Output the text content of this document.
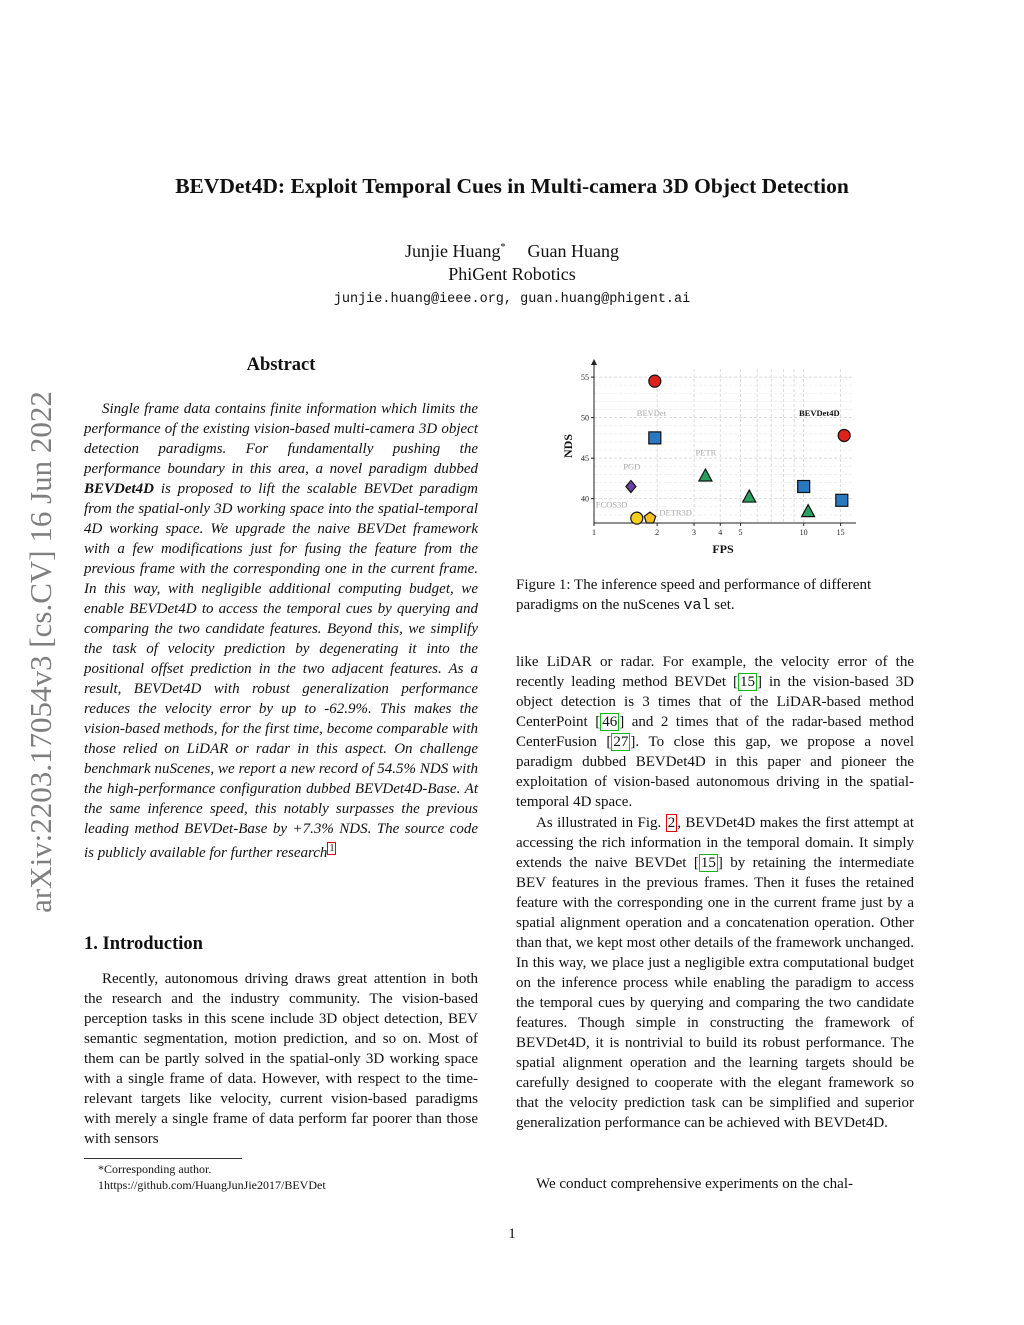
BEVDet4D: Exploit Temporal Cues in Multi-camera 3D Object Detection
Junjie Huang* Guan Huang
PhiGent Robotics
junjie.huang@ieee.org, guan.huang@phigent.ai
arXiv:2203.17054v3 [cs.CV] 16 Jun 2022
Abstract

Single frame data contains finite information which limits the performance of the existing vision-based multi-camera 3D object detection paradigms. For fundamentally pushing the performance boundary in this area, a novel paradigm dubbed BEVDet4D is proposed to lift the scalable BEVDet paradigm from the spatial-only 3D working space into the spatial-temporal 4D working space. We upgrade the naive BEVDet framework with a few modifications just for fusing the feature from the previous frame with the corresponding one in the current frame. In this way, with negligible additional computing budget, we enable BEVDet4D to access the temporal cues by querying and comparing the two candidate features. Beyond this, we simplify the task of velocity prediction by degenerating it into the positional offset prediction in the two adjacent features. As a result, BEVDet4D with robust generalization performance reduces the velocity error by up to -62.9%. This makes the vision-based methods, for the first time, become comparable with those relied on LiDAR or radar in this aspect. On challenge benchmark nuScenes, we report a new record of 54.5% NDS with the high-performance configuration dubbed BEVDet4D-Base. At the same inference speed, this notably surpasses the previous leading method BEVDet-Base by +7.3% NDS. The source code is publicly available for further research $^1$

1. Introduction

Recently, autonomous driving draws great attention in both the research and the industry community. The vision-based perception tasks in this scene include 3D object detection, BEV semantic segmentation, motion prediction, and so on. Most of them can be partly solved in the spatial-only 3D working space with a single frame of data. However, with respect to the time-relevant targets like velocity, current vision-based paradigms with merely a single frame of data perform far poorer than those with sensors

*Corresponding author.
1https://github.com/HuangJunJie2017/BEVDet
1	2	3	4 5	10	15
40
45
50
55
FPS
NDS
BEVDet	BEVDet4D
PETR
PGD
FCOS3D
DETR3D

Figure 1: The inference speed and performance of different paradigms on the nuScenes val set.

like LiDAR or radar. For example, the velocity error of the recently leading method BEVDet [ 15 ] in the vision-based 3D object detection is 3 times that of the LiDAR-based method CenterPoint [ 46 ] and 2 times that of the radar-based method CenterFusion [ 27 ]. To close this gap, we propose a novel paradigm dubbed BEVDet4D in this paper and pioneer the exploitation of vision-based autonomous driving in the spatial-temporal 4D space.

As illustrated in Fig. 2 , BEVDet4D makes the first attempt at accessing the rich information in the temporal domain. It simply extends the naive BEVDet [ 15 ] by retaining the intermediate BEV features in the previous frames. Then it fuses the retained feature with the corresponding one in the current frame just by a spatial alignment operation and a concatenation operation. Other than that, we kept most other details of the framework unchanged. In this way, we place just a negligible extra computational budget on the inference process while enabling the paradigm to access the temporal cues by querying and comparing the two candidate features. Though simple in constructing the framework of BEVDet4D, it is nontrivial to build its robust performance. The spatial alignment operation and the learning targets should be carefully designed to cooperate with the elegant framework so that the velocity prediction task can be simplified and superior generalization performance can be achieved with BEVDet4D.

We conduct comprehensive experiments on the chal-

1
